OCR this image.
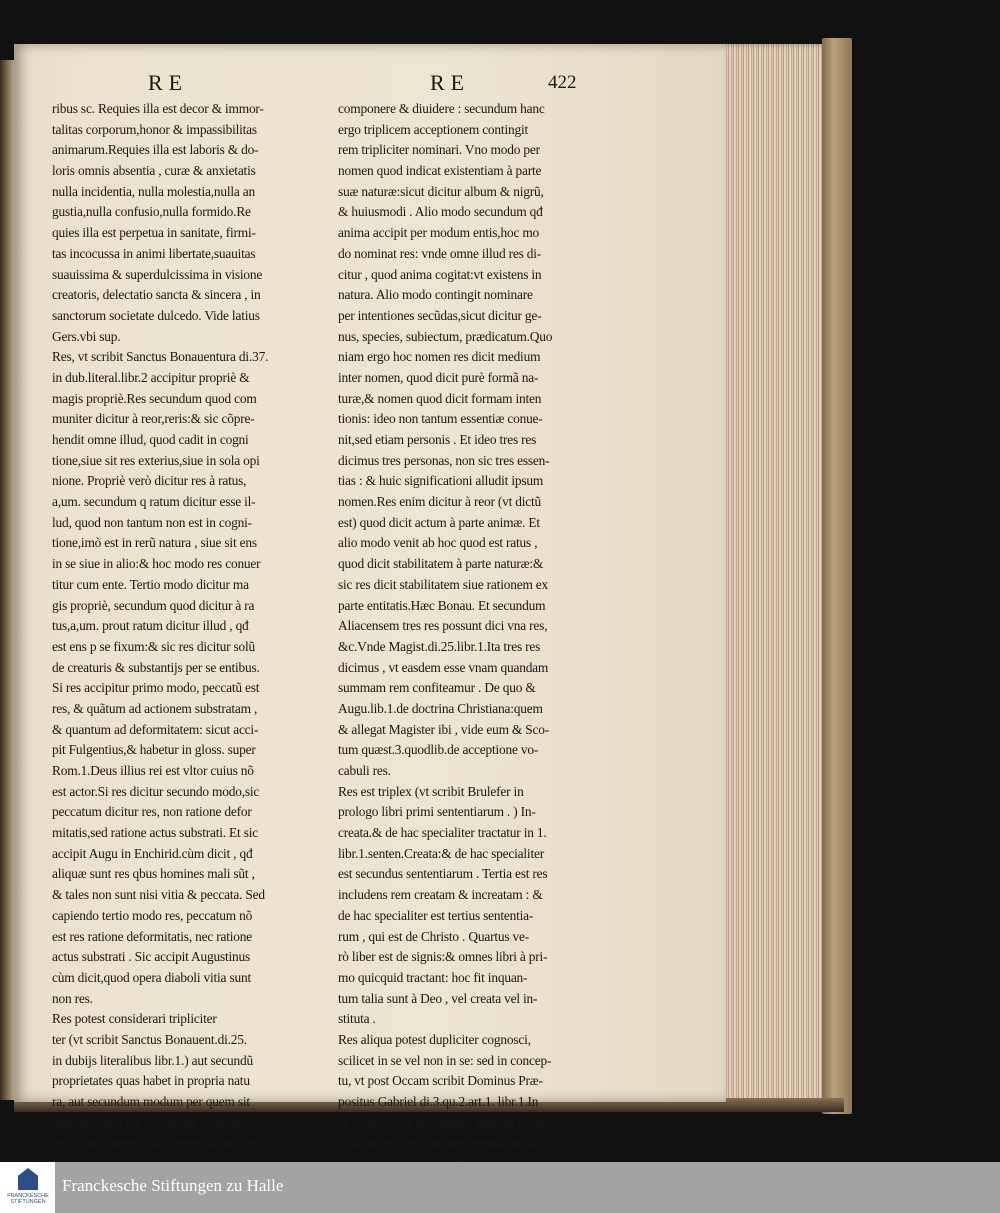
RE	RE	422
ribus sc. Requies illa est decor & immor-
talitas corporum,honor & impassibilitas
animarum.Requies illa est laboris & do-
loris omnis absentia , curæ & anxietatis
nulla incidentia, nulla molestia,nulla an
gustia,nulla confusio,nulla formido.Re
quies illa est perpetua in sanitate, firmi-
tas incocussa in animi libertate,suauitas
suauissima & superdulcissima in visione
creatoris, delectatio sancta & sincera , in
sanctorum societate dulcedo. Vide latius
Gers.vbi sup.
Res, vt scribit Sanctus Bonauentura di.37.
in dub.literal.libr.2 accipitur propriè &
magis propriè.Res secundum quod com
muniter dicitur à reor,reris:& sic cõpre-
hendit omne illud, quod cadit in cogni
tione,siue sit res exterius,siue in sola opi
nione. Propriè verò dicitur res à ratus,
a,um. secundum q ratum dicitur esse il-
lud, quod non tantum non est in cogni-
tione,imò est in rerũ natura , siue sit ens
in se siue in alio:& hoc modo res conuer
titur cum ente. Tertio modo dicitur ma
gis propriè, secundum quod dicitur à ra
tus,a,um. prout ratum dicitur illud , qđ
est ens p se fixum:& sic res dicitur solũ
de creaturis & substantijs per se entibus.
Si res accipitur primo modo, peccatũ est
res, & quãtum ad actionem substratam ,
& quantum ad deformitatem: sicut acci-
pit Fulgentius,& habetur in gloss. super
Rom.1.Deus illius rei est vltor cuius nõ
est actor.Si res dicitur secundo modo,sic
peccatum dicitur res, non ratione defor
mitatis,sed ratione actus substrati. Et sic
accipit Augu in Enchirid.cùm dicit , qđ
aliquæ sunt res qbus homines mali sũt ,
& tales non sunt nisi vitia & peccata. Sed
capiendo tertio modo res, peccatum nõ
est res ratione deformitatis, nec ratione
actus substrati . Sic accipit Augustinus
cùm dicit,quod opera diaboli vitia sunt
non res.
Res potest considerari tripliciter
ter (vt scribit Sanctus Bonauent.di.25.
in dubijs literalibus libr.1.) aut secundũ
proprietates quas habet in propria natu
ra, aut secundum modum per quem sit
apud animam:aut secundum proprieta-
tem communem, quæ inest ei ab actibus
componere & diuidere : secundum hanc
ergo triplicem acceptionem contingit
rem tripliciter nominari. Vno modo per
nomen quod indicat existentiam à parte
suæ naturæ:sicut dicitur album & nigrũ,
& huiusmodi . Alio modo secundum qđ
anima accipit per modum entis,hoc mo
do nominat res: vnde omne illud res di-
citur , quod anima cogitat:vt existens in
natura. Alio modo contingit nominare
per intentiones secũdas,sicut dicitur ge-
nus, species, subiectum, prædicatum.Quo
niam ergo hoc nomen res dicit medium
inter nomen, quod dicit purè formã na-
turæ,& nomen quod dicit formam inten
tionis: ideo non tantum essentiæ conue-
nit,sed etiam personis . Et ideo tres res
dicimus tres personas, non sic tres essen-
tias : & huic significationi alludit ipsum
nomen.Res enim dicitur à reor (vt dictũ
est) quod dicit actum à parte animæ. Et
alio modo venit ab hoc quod est ratus ,
quod dicit stabilitatem à parte naturæ:&
sic res dicit stabilitatem siue rationem ex
parte entitatis.Hæc Bonau. Et secundum
Aliacensem tres res possunt dici vna res,
&c.Vnde Magist.di.25.libr.1.Ita tres res
dicimus , vt easdem esse vnam quandam
summam rem confiteamur . De quo &
Augu.lib.1.de doctrina Christiana:quem
& allegat Magister ibi , vide eum & Sco-
tum quæst.3.quodlib.de acceptione vo-
cabuli res.
Res est triplex (vt scribit Brulefer in
prologo libri primi sententiarum . ) In-
creata.& de hac specialiter tractatur in 1.
libr.1.senten.Creata:& de hac specialiter
est secundus sententiarum . Tertia est res
includens rem creatam & increatam : &
de hac specialiter est tertius sententia-
rum , qui est de Christo . Quartus ve-
rò liber est de signis:& omnes libri à pri-
mo quicquid tractant: hoc fit inquan-
tum talia sunt à Deo , vel creata vel in-
stituta .
Res aliqua potest dupliciter cognosci,
scilicet in se vel non in se: sed in concep-
tu, vt post Occam scribit Dominus Præ-
positus Gabriel di.3.qu.2.art.1. libr.1.In
se cognoscitur res quando ipsamet res &
nihil ab ea re,vel ratione terminat actũ
FRANCKESCHE STIFTUNGEN
Franckesche Stiftungen zu Halle
